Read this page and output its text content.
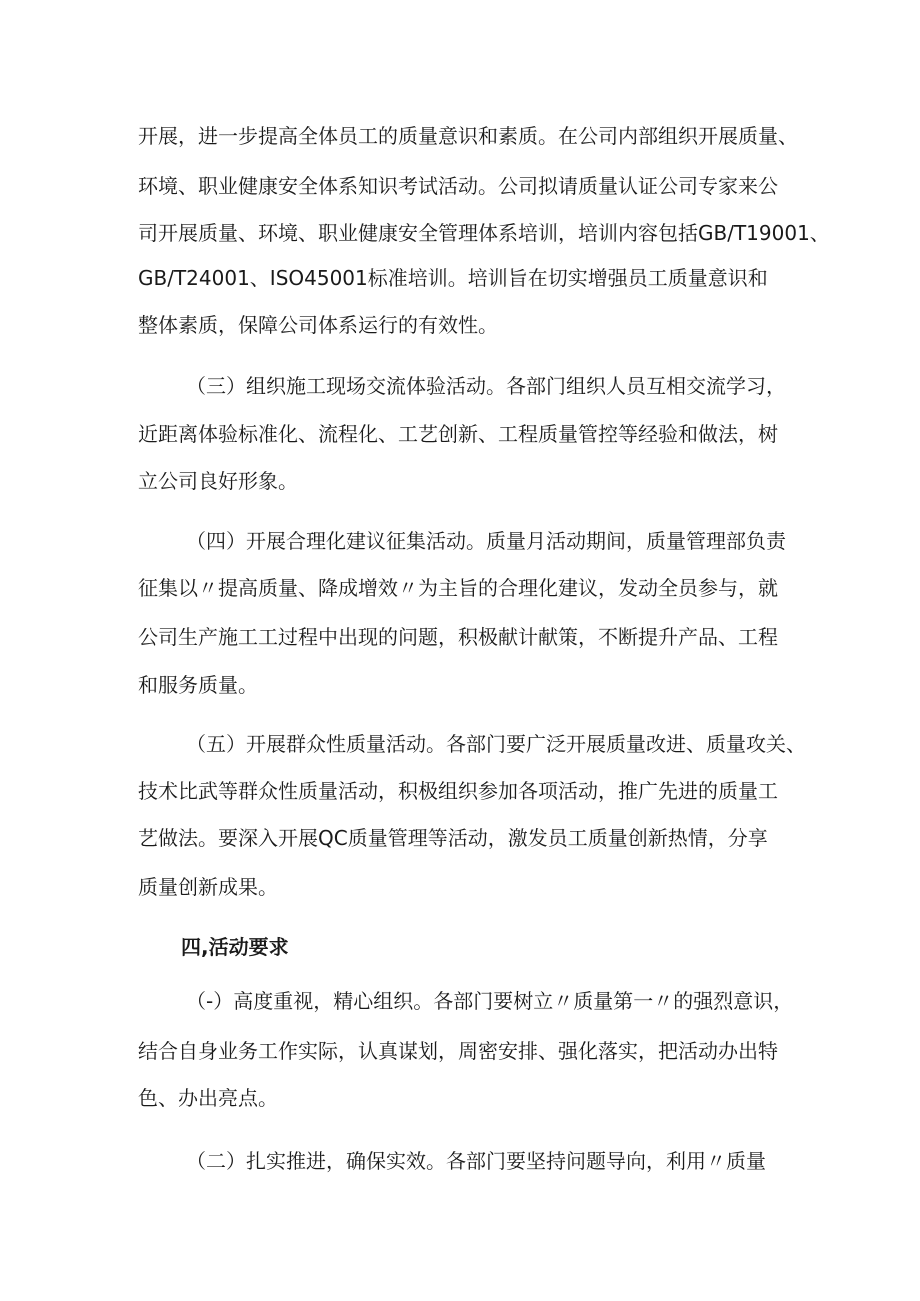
开展，进一步提高全体员工的质量意识和素质。在公司内部组织开展质量、
环境、职业健康安全体系知识考试活动。公司拟请质量认证公司专家来公
司开展质量、环境、职业健康安全管理体系培训，培训内容包括GB/T19001、
GB/T24001、ISO45001标准培训。培训旨在切实增强员工质量意识和
整体素质，保障公司体系运行的有效性。
（三）组织施工现场交流体验活动。各部门组织人员互相交流学习，
近距离体验标准化、流程化、工艺创新、工程质量管控等经验和做法，树
立公司良好形象。
（四）开展合理化建议征集活动。质量月活动期间，质量管理部负责
征集以〃提高质量、降成增效〃为主旨的合理化建议，发动全员参与，就
公司生产施工工过程中出现的问题，积极献计献策，不断提升产品、工程
和服务质量。
（五）开展群众性质量活动。各部门要广泛开展质量改进、质量攻关、
技术比武等群众性质量活动，积极组织参加各项活动，推广先进的质量工
艺做法。要深入开展QC质量管理等活动，激发员工质量创新热情，分享
质量创新成果。
四,活动要求
（-）高度重视，精心组织。各部门要树立〃质量第一〃的强烈意识，
结合自身业务工作实际，认真谋划，周密安排、强化落实，把活动办出特
色、办出亮点。
（二）扎实推进，确保实效。各部门要坚持问题导向，利用〃质量
